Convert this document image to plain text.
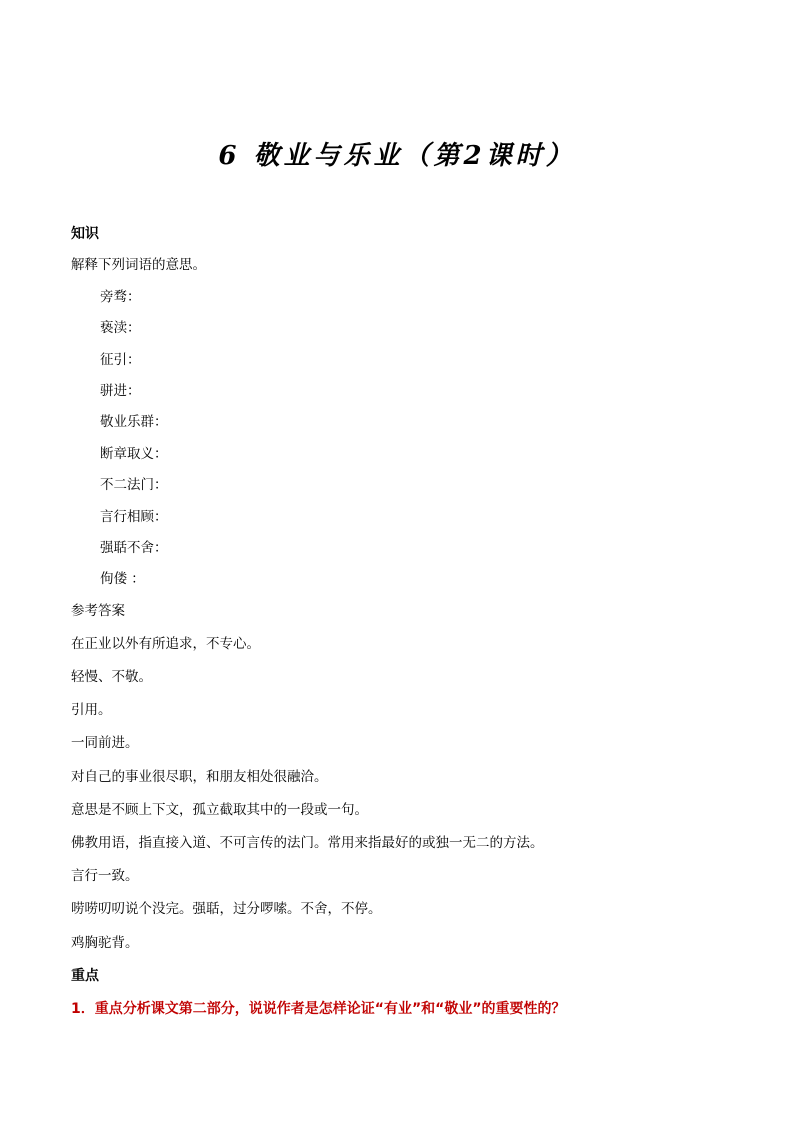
6 敬业与乐业（第2课时）
知识
解释下列词语的意思。
旁骛：
亵渎：
征引：
骈进：
敬业乐群：
断章取义：
不二法门：
言行相顾：
强聒不舍：
佝偻 ：
参考答案
在正业以外有所追求，不专心。
轻慢、不敬。
引用。
一同前进。
对自己的事业很尽职，和朋友相处很融洽。
意思是不顾上下文，孤立截取其中的一段或一句。
佛教用语，指直接入道、不可言传的法门。常用来指最好的或独一无二的方法。
言行一致。
唠唠叨叨说个没完。强聒，过分啰嗦。不舍，不停。
鸡胸驼背。
重点
1．重点分析课文第二部分，说说作者是怎样论证“有业”和“敬业”的重要性的？
